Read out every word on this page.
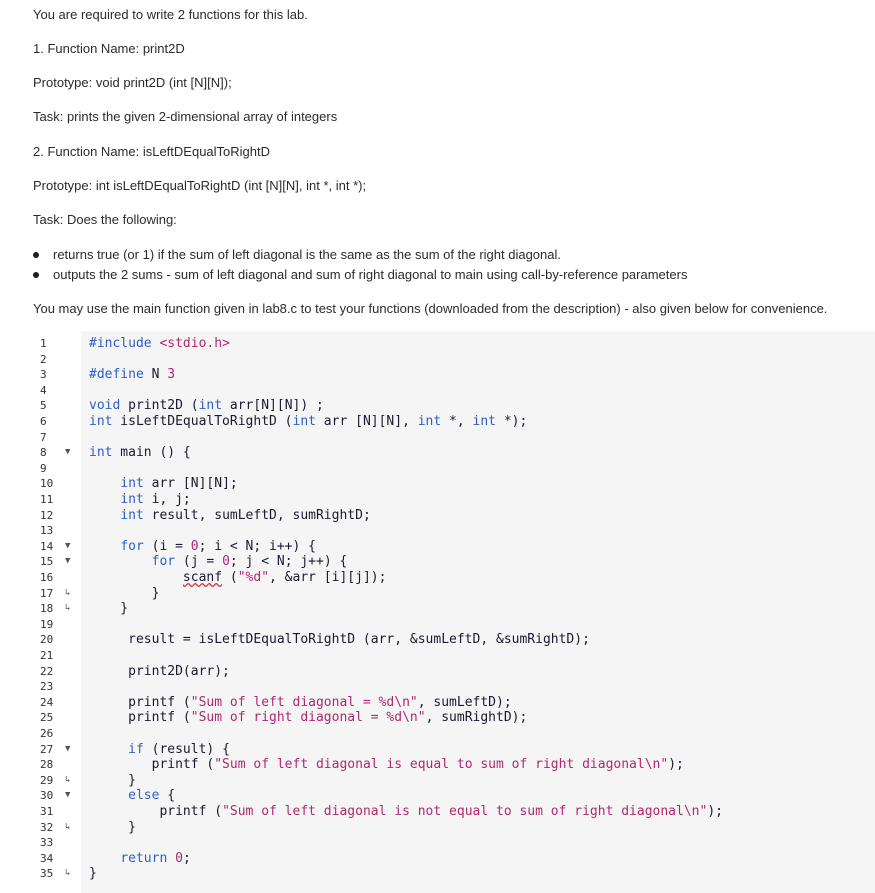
You are required to write 2 functions for this lab.
1. Function Name: print2D
Prototype: void print2D (int [N][N]);
Task: prints the given 2-dimensional array of integers
2. Function Name: isLeftDEqualToRightD
Prototype: int isLeftDEqualToRightD (int [N][N], int *, int *);
Task: Does the following:
returns true (or 1) if the sum of left diagonal is the same as the sum of the right diagonal.
outputs the 2 sums - sum of left diagonal and sum of right diagonal to main using call-by-reference parameters
You may use the main function given in lab8.c to test your functions (downloaded from the description) - also given below for convenience.
1	#include <stdio.h>
2
3	#define N 3
4
5	void print2D (int arr[N][N]) ;
6	int isLeftDEqualToRightD (int arr [N][N], int *, int *);
7
8	▼ int main () {
9
10	int arr [N][N];
11	int i, j;
12	int result, sumLeftD, sumRightD;
13
14	▼	for (i = 0; i < N; i++) {
15	▼	for (j = 0; j < N; j++) {
16	scanf ("%d", &arr [i][j]);
17	↳ }
18	↳ }
19
20	result = isLeftDEqualToRightD (arr, &sumLeftD, &sumRightD);
21
22	print2D(arr);
23
24	printf ("Sum of left diagonal = %d\n", sumLeftD);
25	printf ("Sum of right diagonal = %d\n", sumRightD);
26
27	▼	if (result) {
28	printf ("Sum of left diagonal is equal to sum of right diagonal\n");
29	↳ }
30	▼	else {
31	printf ("Sum of left diagonal is not equal to sum of right diagonal\n");
32	↳ }
33
34	return 0;
35	↳ }
